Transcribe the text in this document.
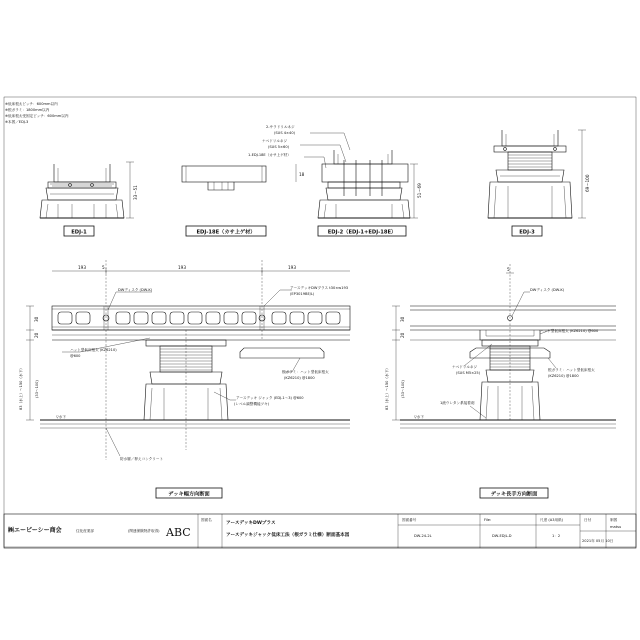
※低床根太ピッチ：600mm以内
※根ガラミ：1800mm以内
※低床根太受固定ピッチ：600mm以内
※本図／EDJ-3
33〜51
EDJ-1	EDJ-18E（カサ上ゲ材）
18
51〜69
2-サラドリルネジ
(SUS 4×40)
ナベドリルネジ
(SUS 5×60)
1-EDJ-18E（カサ上ゲ材）
EDJ-2（EDJ-1+EDJ-18E）
69〜100
EDJ-3
193	5	193	193
▽水下
30
20
83（水上）〜150（水下）	(33〜100)
DWディスク (DW-K)	アースデッキDWプラス t30×w193
(EP3019BE/L)
ハット型低床根太 (KZ6210)
@600
根ガラミ：ハット型低床根太
(KZ6210) @1800
アースデッキ ジャック (EDJ-1〜3) @600
(レベル調整機能ツキ)
防水層／押えコンクリート
デッキ幅方向断面
5
▽水下
30
20
83（水上）〜150（水下）	(33〜100)
DWディスク (DW-K)
ハット型低床根太 (KZ6210) @600
ナベドリルネジ
(SUS M5×25)
根ガラミ：ハット型低床根太
(KZ6210) @1800
1液ウレタン系接着剤
デッキ長手方向断面
㈱エーピーシー商会	住化産業部	(関連保険特許取得) ABC
図面名
アースデッキDWプラス
アースデッキジャック低床工法（根ガラミ仕様）断面基本図
図面番号
DW-24-2L
File:
DW-EDJL-D
尺度 (A3用紙)
1：2
日付
2021年 05月 10日
制図
matsu
